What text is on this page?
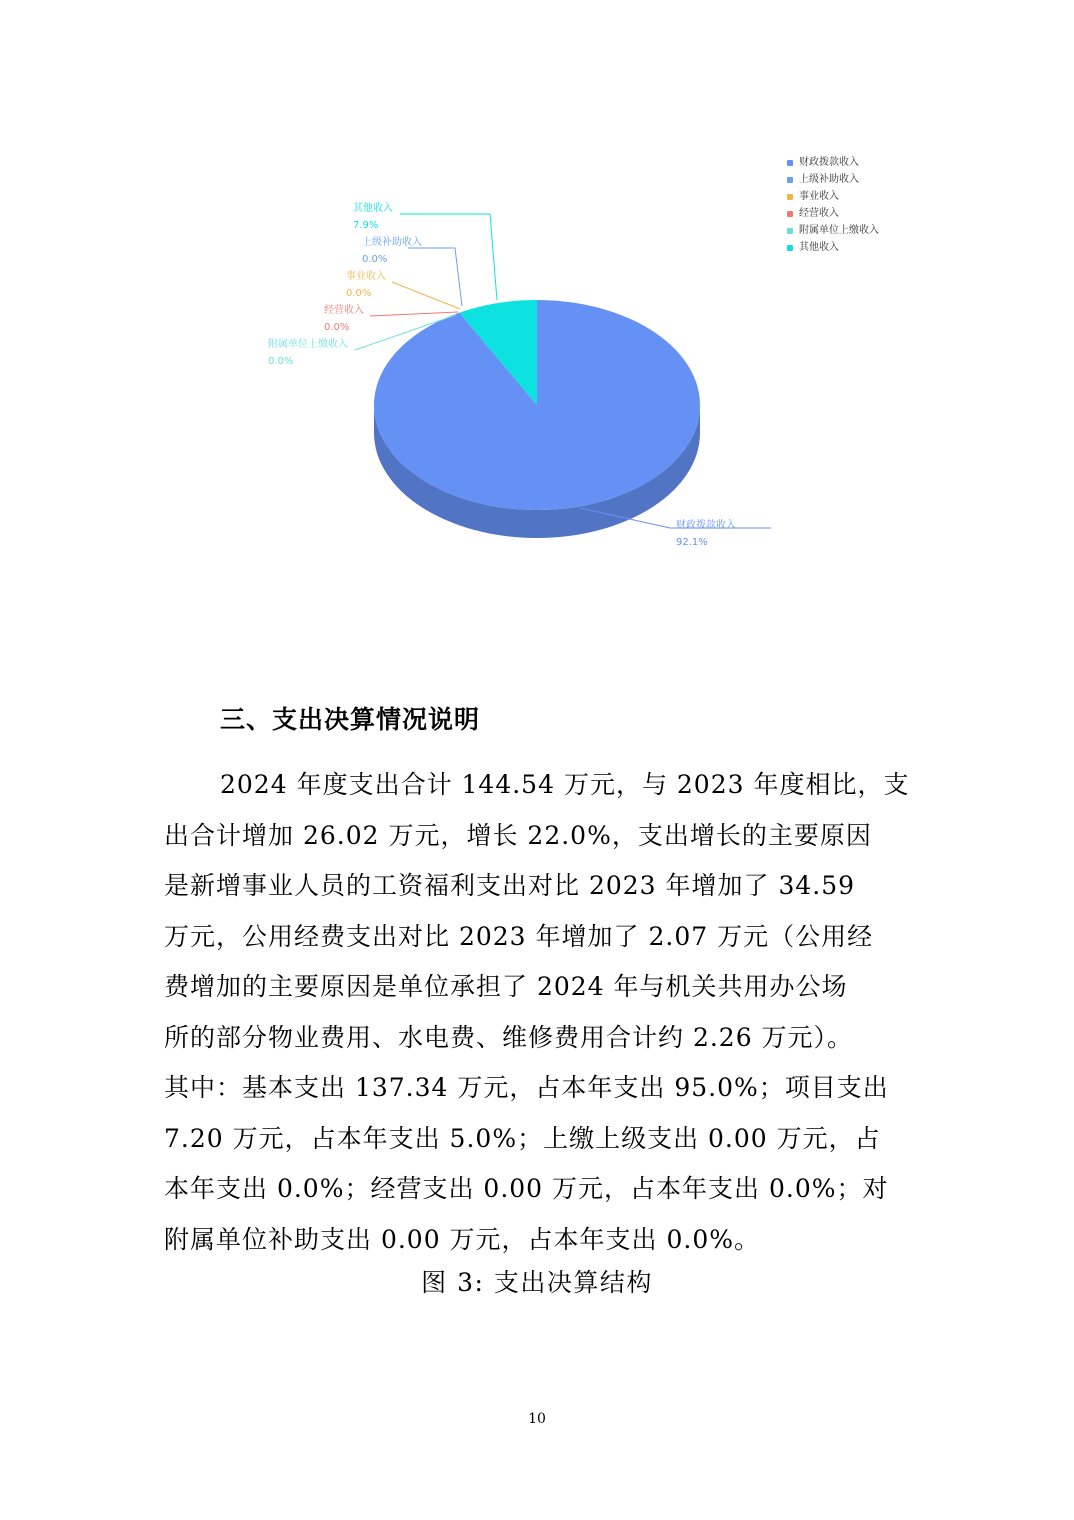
财政拨款收入
92.1%
上级补助收入
0.0%
事业收入
0.0%
经营收入
0.0%
附属单位上缴收入
0.0%
其他收入
7.9%
财政拨款收入
上级补助收入
事业收入
经营收入
附属单位上缴收入
其他收入
三、支出决算情况说明
2024 年度支出合计 144.54 万元，与 2023 年度相比，支
出合计增加 26.02 万元，增长 22.0%，支出增长的主要原因
是新增事业人员的工资福利支出对比 2023 年增加了 34.59
万元，公用经费支出对比 2023 年增加了 2.07 万元（公用经
费增加的主要原因是单位承担了 2024 年与机关共用办公场
所的部分物业费用、水电费、维修费用合计约 2.26 万元）。
其中：基本支出 137.34 万元，占本年支出 95.0%；项目支出
7.20 万元，占本年支出 5.0%；上缴上级支出 0.00 万元，占
本年支出 0.0%；经营支出 0.00 万元，占本年支出 0.0%；对
附属单位补助支出 0.00 万元，占本年支出 0.0%。
图 3: 支出决算结构
10
